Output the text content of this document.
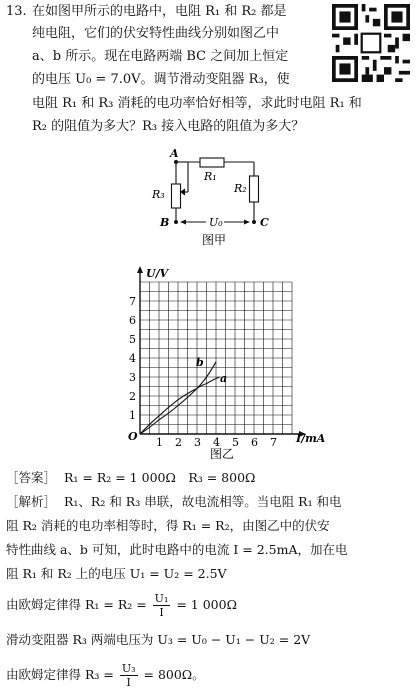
13. 在如图甲所示的电路中，电阻 R₁ 和 R₂ 都是
纯电阻，它们的伏安特性曲线分别如图乙中
a、b 所示。现在电路两端 BC 之间加上恒定
的电压 U₀ = 7.0V。调节滑动变阻器 R₃，使
电阻 R₁ 和 R₃ 消耗的电功率恰好相等，求此时电阻 R₁ 和
R₂ 的阻值为多大？R₃ 接入电路的阻值为多大？
A
R₁
R₂
R₃
B	U₀	C
图甲
1 2 3 4 5 6 7
1
2
3
4
5
6
7
U/V
I/mA
O
b
a
图乙
［答案］ R₁ = R₂ = 1 000Ω　R₃ = 800Ω
［解析］ R₁、R₂ 和 R₃ 串联，故电流相等。当电阻 R₁ 和电
阻 R₂ 消耗的电功率相等时，得 R₁ = R₂，由图乙中的伏安
特性曲线 a、b 可知，此时电路中的电流 I = 2.5mA，加在电
阻 R₁ 和 R₂ 上的电压 U₁ = U₂ = 2.5V
由欧姆定律得 $R_1 = R_2 = \frac{\text{U₁}}{I} = 1$ 000Ω
滑动变阻器 R₃ 两端电压为 U₃ = U₀ − U₁ − U₂ = 2V
由欧姆定律得 $R_3 = \frac{\text{U₃}}{I} = 800\Omega$。
